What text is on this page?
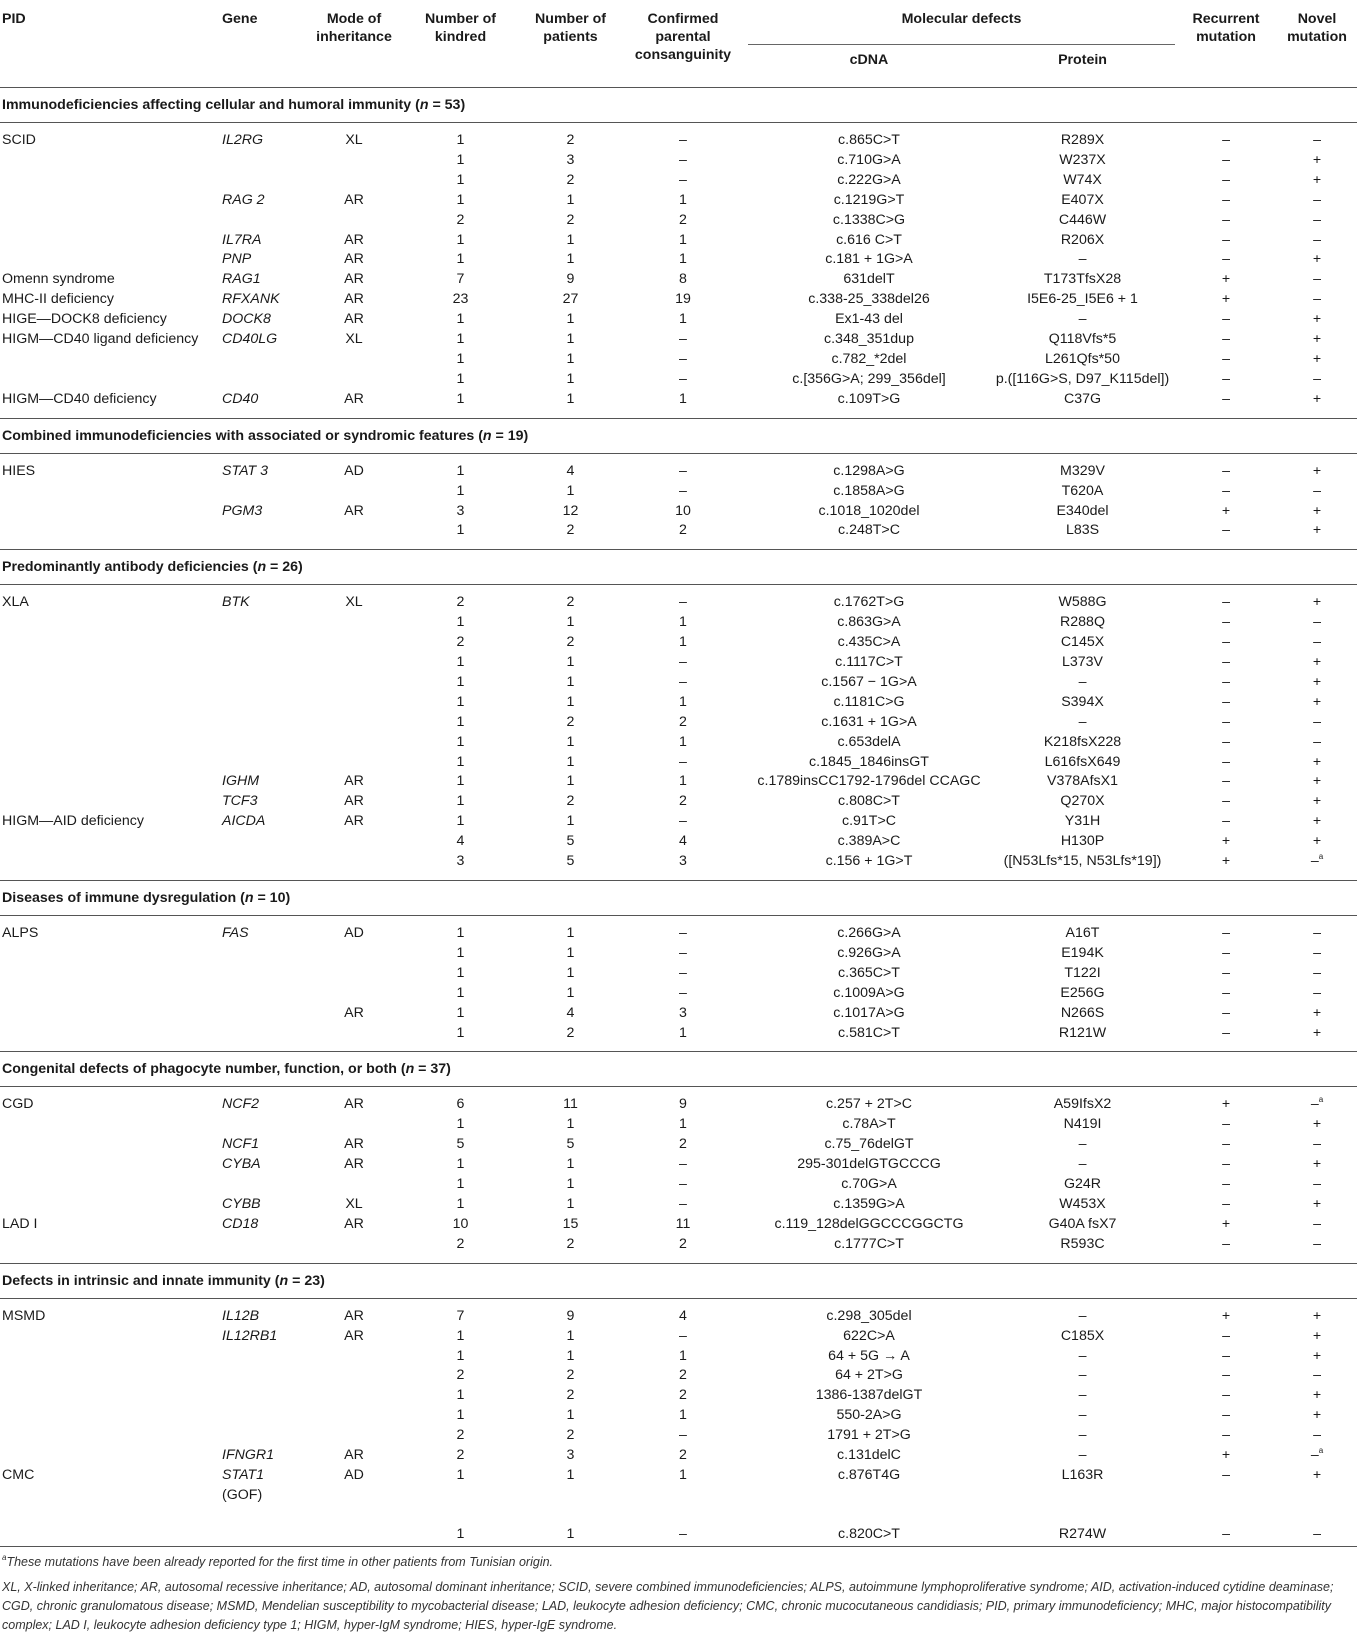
PID	Gene	Mode of inheritance	Number of kindred	Number of patients	Confirmed parental consanguinity	Molecular defects		Recurrent mutation	Novel mutation
						cDNA	Protein		
Immunodeficiencies affecting cellular and humoral immunity (n = 53)									

SCID	IL2RG	XL	1	2	–	c.865C>T	R289X	–	–
			1	3	–	c.710G>A	W237X	–	+
			1	2	–	c.222G>A	W74X	–	+
	RAG 2	AR	1	1	1	c.1219G>T	E407X	–	–
			2	2	2	c.1338C>G	C446W	–	–
	IL7RA	AR	1	1	1	c.616 C>T	R206X	–	–
	PNP	AR	1	1	1	c.181 + 1G>A	–	–	+
Omenn syndrome	RAG1	AR	7	9	8	631delT	T173TfsX28	+	–
MHC-II deficiency	RFXANK	AR	23	27	19	c.338-25_338del26	I5E6-25_I5E6 + 1	+	–
HIGE—DOCK8 deficiency	DOCK8	AR	1	1	1	Ex1-43 del	–	–	+
HIGM—CD40 ligand deficiency	CD40LG	XL	1	1	–	c.348_351dup	Q118Vfs*5	–	+
			1	1	–	c.782_*2del	L261Qfs*50	–	+
			1	1	–	c.[356G>A; 299_356del]	p.([116G>S, D97_K115del])	–	–
HIGM—CD40 deficiency	CD40	AR	1	1	1	c.109T>G	C37G	–	+

Combined immunodeficiencies with associated or syndromic features (n = 19)									

HIES	STAT 3	AD	1	4	–	c.1298A>G	M329V	–	+
			1	1	–	c.1858A>G	T620A	–	–
	PGM3	AR	3	12	10	c.1018_1020del	E340del	+	+
			1	2	2	c.248T>C	L83S	–	+

Predominantly antibody deficiencies (n = 26)									

XLA	BTK	XL	2	2	–	c.1762T>G	W588G	–	+
			1	1	1	c.863G>A	R288Q	–	–
			2	2	1	c.435C>A	C145X	–	–
			1	1	–	c.1117C>T	L373V	–	+
			1	1	–	c.1567 − 1G>A	–	–	+
			1	1	1	c.1181C>G	S394X	–	+
			1	2	2	c.1631 + 1G>A	–	–	–
			1	1	1	c.653delA	K218fsX228	–	–
			1	1	–	c.1845_1846insGT	L616fsX649	–	+
	IGHM	AR	1	1	1	c.1789insCC1792-1796del CCAGC	V378AfsX1	–	+
	TCF3	AR	1	2	2	c.808C>T	Q270X	–	+
HIGM—AID deficiency	AICDA	AR	1	1	–	c.91T>C	Y31H	–	+
			4	5	4	c.389A>C	H130P	+	+
			3	5	3	c.156 + 1G>T	([N53Lfs*15, N53Lfs*19])	+	–$^a$

Diseases of immune dysregulation (n = 10)									

ALPS	FAS	AD	1	1	–	c.266G>A	A16T	–	–
			1	1	–	c.926G>A	E194K	–	–
			1	1	–	c.365C>T	T122I	–	–
			1	1	–	c.1009A>G	E256G	–	–
		AR	1	4	3	c.1017A>G	N266S	–	+
			1	2	1	c.581C>T	R121W	–	+

Congenital defects of phagocyte number, function, or both (n = 37)									

CGD	NCF2	AR	6	11	9	c.257 + 2T>C	A59IfsX2	+	–$^a$
			1	1	1	c.78A>T	N419I	–	+
	NCF1	AR	5	5	2	c.75_76delGT	–	–	–
	CYBA	AR	1	1	–	295-301delGTGCCCG	–	–	+
			1	1	–	c.70G>A	G24R	–	–
	CYBB	XL	1	1	–	c.1359G>A	W453X	–	+
LAD I	CD18	AR	10	15	11	c.119_128delGGCCCGGCTG	G40A fsX7	+	–
			2	2	2	c.1777C>T	R593C	–	–

Defects in intrinsic and innate immunity (n = 23)									

MSMD	IL12B	AR	7	9	4	c.298_305del	–	+	+
	IL12RB1	AR	1	1	–	622C>A	C185X	–	+
			1	1	1	64 + 5G → A	–	–	+
			2	2	2	64 + 2T>G	–	–	–
			1	2	2	1386-1387delGT	–	–	+
			1	1	1	550-2A>G	–	–	+
			2	2	–	1791 + 2T>G	–	–	–
	IFNGR1	AR	2	3	2	c.131delC	–	+	–$^a$
CMC	STAT1	AD	1	1	1	c.876T4G	L163R	–	+
	(GOF)								
			1	1	–	c.820C>T	R274W	–	–

$^a$These mutations have been already reported for the first time in other patients from Tunisian origin.

XL, X-linked inheritance; AR, autosomal recessive inheritance; AD, autosomal dominant inheritance; SCID, severe combined immunodeficiencies; ALPS, autoimmune lymphoproliferative syndrome; AID, activation-induced cytidine deaminase; CGD, chronic granulomatous disease; MSMD, Mendelian susceptibility to mycobacterial disease; LAD, leukocyte adhesion deficiency; CMC, chronic mucocutaneous candidiasis; PID, primary immunodeficiency; MHC, major histocompatibility complex; LAD I, leukocyte adhesion deficiency type 1; HIGM, hyper-IgM syndrome; HIES, hyper-IgE syndrome.
